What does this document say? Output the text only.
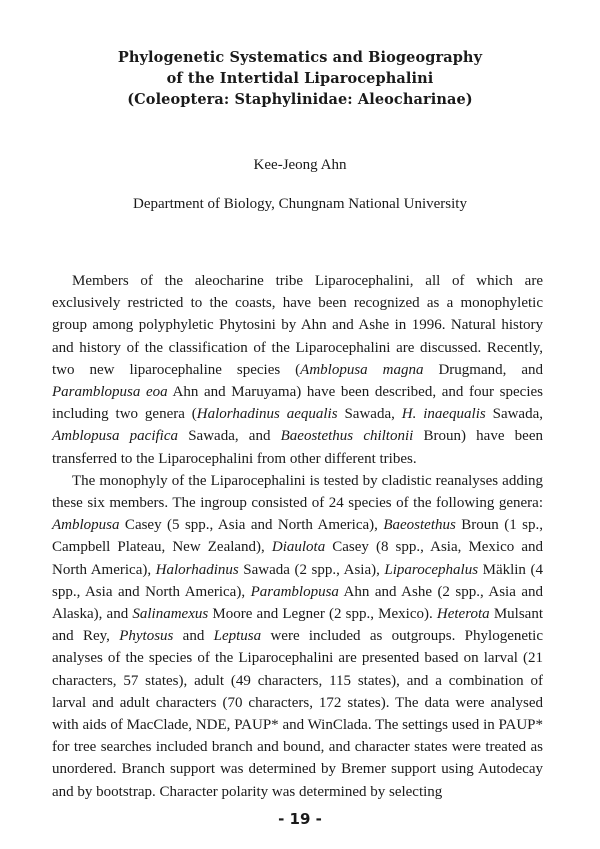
Phylogenetic Systematics and Biogeography
of the Intertidal Liparocephalini
(Coleoptera: Staphylinidae: Aleocharinae)
Kee-Jeong Ahn
Department of Biology, Chungnam National University

Members of the aleocharine tribe Liparocephalini, all of which are exclusively restricted to the coasts, have been recognized as a monophyletic group among polyphyletic Phytosini by Ahn and Ashe in 1996. Natural history and history of the classification of the Liparocephalini are discussed. Recently, two new liparocephaline species (Amblopusa magna Drugmand, and Paramblopusa eoa Ahn and Maruyama) have been described, and four species including two genera (Halorhadinus aequalis Sawada, H. inaequalis Sawada, Amblopusa pacifica Sawada, and Baeostethus chiltonii Broun) have been transferred to the Liparocephalini from other different tribes.

The monophyly of the Liparocephalini is tested by cladistic reanalyses adding these six members. The ingroup consisted of 24 species of the following genera: Amblopusa Casey (5 spp., Asia and North America), Baeostethus Broun (1 sp., Campbell Plateau, New Zealand), Diaulota Casey (8 spp., Asia, Mexico and North America), Halorhadinus Sawada (2 spp., Asia), Liparocephalus Mäklin (4 spp., Asia and North America), Paramblopusa Ahn and Ashe (2 spp., Asia and Alaska), and Salinamexus Moore and Legner (2 spp., Mexico). Heterota Mulsant and Rey, Phytosus and Leptusa were included as outgroups. Phylogenetic analyses of the species of the Liparocephalini are presented based on larval (21 characters, 57 states), adult (49 characters, 115 states), and a combination of larval and adult characters (70 characters, 172 states). The data were analysed with aids of MacClade, NDE, PAUP* and WinClada. The settings used in PAUP* for tree searches included branch and bound, and character states were treated as unordered. Branch support was determined by Bremer support using Autodecay and by bootstrap. Character polarity was determined by selecting

- 19 -
